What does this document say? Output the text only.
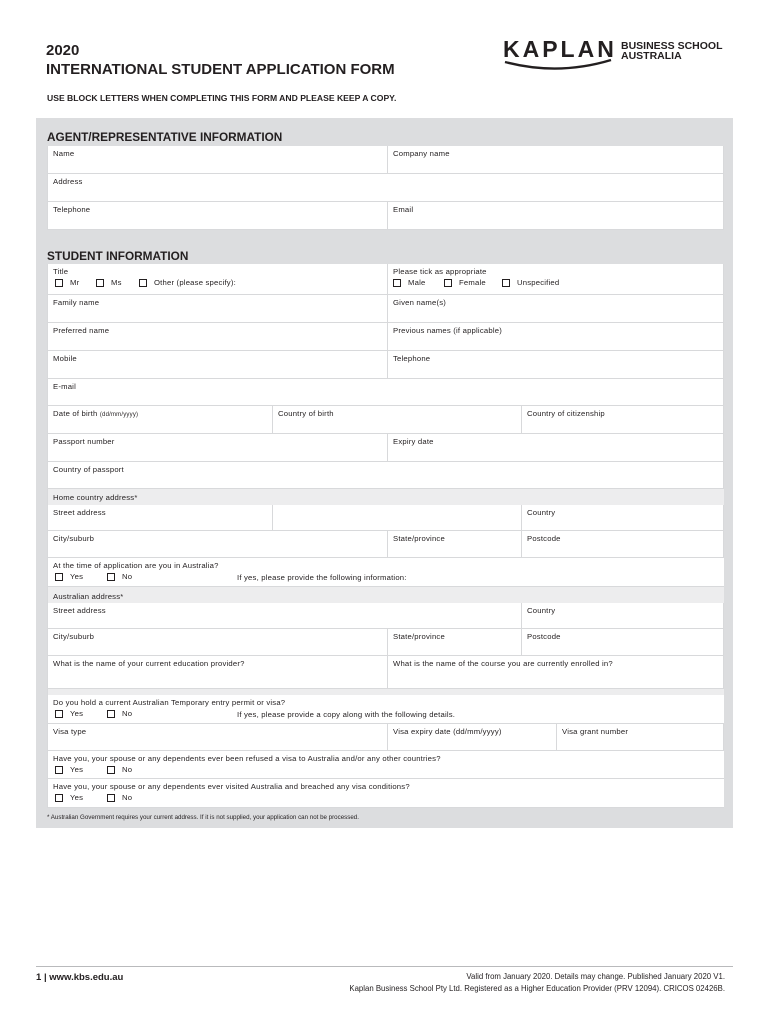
2020
INTERNATIONAL STUDENT APPLICATION FORM
USE BLOCK LETTERS WHEN COMPLETING THIS FORM AND PLEASE KEEP A COPY.
KAPLAN BUSINESS SCHOOL
AUSTRALIA
AGENT/REPRESENTATIVE INFORMATION
Name	Company name
Address
Telephone	Email
STUDENT INFORMATION
Title
Mr	Ms	Other (please specify):
Please tick as appropriate
Male	Female	Unspecified
Family name	Given name(s)
Preferred name	Previous names (if applicable)
Mobile	Telephone
E-mail
Date of birth (dd/mm/yyyy)	Country of birth	Country of citizenship
Passport number	Expiry date
Country of passport
Home country address*
Street address	Country
City/suburb	State/province	Postcode
At the time of application are you in Australia?
Yes	No	If yes, please provide the following information:
Australian address*
Street address	Country
City/suburb	State/province	Postcode
What is the name of your current education provider?	What is the name of the course you are currently enrolled in?
Do you hold a current Australian Temporary entry permit or visa?
Yes	No	If yes, please provide a copy along with the following details.
Visa type	Visa expiry date (dd/mm/yyyy)	Visa grant number
Have you, your spouse or any dependents ever been refused a visa to Australia and/or any other countries?
Yes	No
Have you, your spouse or any dependents ever visited Australia and breached any visa conditions?
Yes	No
* Australian Government requires your current address. If it is not supplied, your application can not be processed.
1 | www.kbs.edu.au	Valid from January 2020. Details may change. Published January 2020 V1.
Kaplan Business School Pty Ltd. Registered as a Higher Education Provider (PRV 12094). CRICOS 02426B.
